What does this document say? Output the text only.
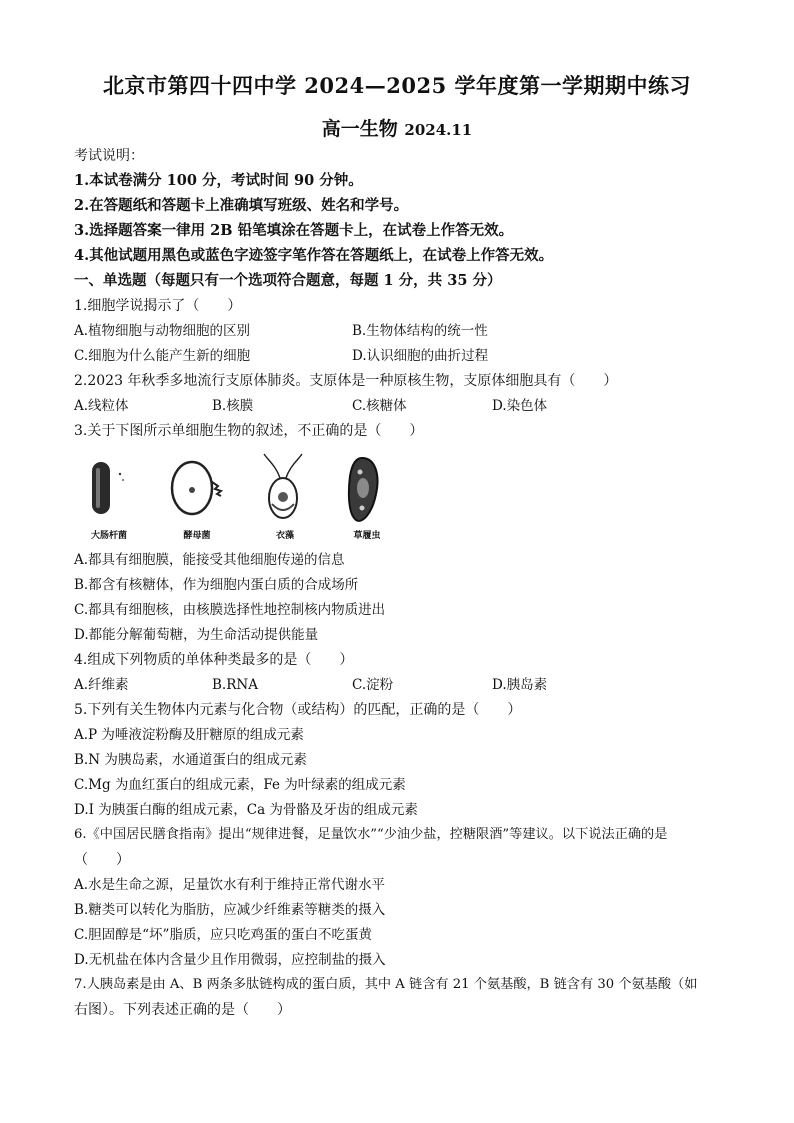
北京市第四十四中学 2024—2025 学年度第一学期期中练习
高一生物 2024.11
考试说明：
1.本试卷满分 100 分，考试时间 90 分钟。
2.在答题纸和答题卡上准确填写班级、姓名和学号。
3.选择题答案一律用 2B 铅笔填涂在答题卡上，在试卷上作答无效。
4.其他试题用黑色或蓝色字迹签字笔作答在答题纸上，在试卷上作答无效。
一、单选题（每题只有一个选项符合题意，每题 1 分，共 35 分）
1.细胞学说揭示了（　　）
A.植物细胞与动物细胞的区别	B.生物体结构的统一性
C.细胞为什么能产生新的细胞	D.认识细胞的曲折过程
2.2023 年秋季多地流行支原体肺炎。支原体是一种原核生物，支原体细胞具有（　　）
A.线粒体	B.核膜	C.核糖体	D.染色体
3.关于下图所示单细胞生物的叙述，不正确的是（　　）
大肠杆菌	酵母菌	衣藻	草履虫
A.都具有细胞膜，能接受其他细胞传递的信息
B.都含有核糖体，作为细胞内蛋白质的合成场所
C.都具有细胞核，由核膜选择性地控制核内物质进出
D.都能分解葡萄糖，为生命活动提供能量
4.组成下列物质的单体种类最多的是（　　）
A.纤维素	B.RNA	C.淀粉	D.胰岛素
5.下列有关生物体内元素与化合物（或结构）的匹配，正确的是（　　）
A.P 为唾液淀粉酶及肝糖原的组成元素
B.N 为胰岛素，水通道蛋白的组成元素
C.Mg 为血红蛋白的组成元素，Fe 为叶绿素的组成元素
D.I 为胰蛋白酶的组成元素，Ca 为骨骼及牙齿的组成元素
6.《中国居民膳食指南》提出“规律进餐，足量饮水”“少油少盐，控糖限酒”等建议。以下说法正确的是
（　　）
A.水是生命之源，足量饮水有利于维持正常代谢水平
B.糖类可以转化为脂肪，应减少纤维素等糖类的摄入
C.胆固醇是“坏”脂质，应只吃鸡蛋的蛋白不吃蛋黄
D.无机盐在体内含量少且作用微弱，应控制盐的摄入
7.人胰岛素是由 A、B 两条多肽链构成的蛋白质，其中 A 链含有 21 个氨基酸，B 链含有 30 个氨基酸（如
右图）。下列表述正确的是（　　）
